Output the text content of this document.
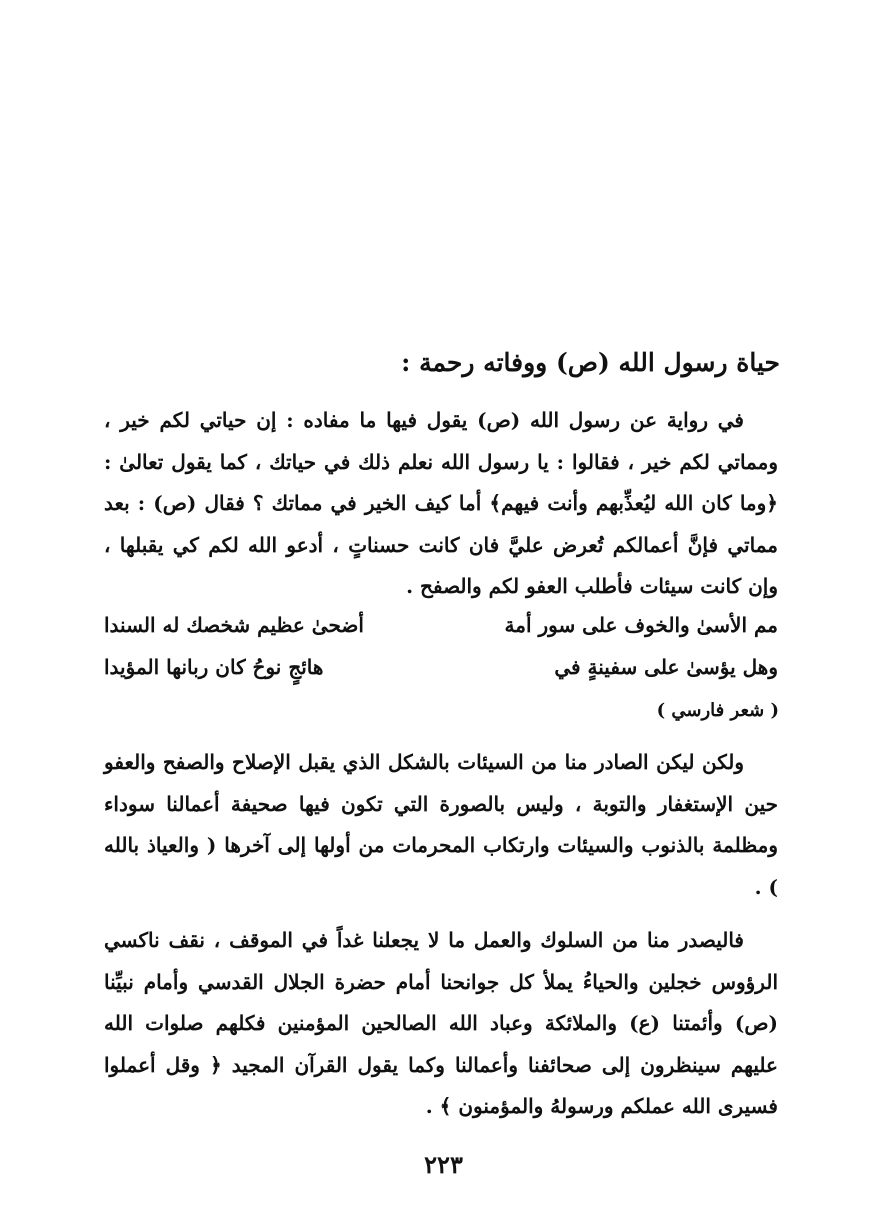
حياة رسول الله (ص) ووفاته رحمة :

في رواية عن رسول الله (ص) يقول فيها ما مفاده : إن حياتي لكم خير ، ومماتي لكم خير ، فقالوا : يا رسول الله نعلم ذلك في حياتك ، كما يقول تعالىٰ : ﴿وما كان الله ليُعذِّبهم وأنت فيهم﴾ أما كيف الخير في مماتك ؟ فقال (ص) : بعد مماتي فإنَّ أعمالكم تُعرض عليَّ فان كانت حسناتٍ ، أدعو الله لكم كي يقبلها ، وإن كانت سيئات فأطلب العفو لكم والصفح .

مم الأسىٰ والخوف على سور أمة
أضحىٰ عظيم شخصك له السندا
وهل يؤسىٰ على سفينةٍ في
هائجٍ نوحُ كان ربانها المؤيدا
( شعر فارسي )

ولكن ليكن الصادر منا من السيئات بالشكل الذي يقبل الإصلاح والصفح والعفو حين الإستغفار والتوبة ، وليس بالصورة التي تكون فيها صحيفة أعمالنا سوداء ومظلمة بالذنوب والسيئات وارتكاب المحرمات من أولها إلى آخرها ( والعياذ بالله ) .

فاليصدر منا من السلوك والعمل ما لا يجعلنا غداً في الموقف ، نقف ناكسي الرؤوس خجلين والحياءُ يملأ كل جوانحنا أمام حضرة الجلال القدسي وأمام نبيِّنا (ص) وأئمتنا (ع) والملائكة وعباد الله الصالحين المؤمنين فكلهم صلوات الله عليهم سينظرون إلى صحائفنا وأعمالنا وكما يقول القرآن المجيد ﴿ وقل أعملوا فسيرى الله عملكم ورسولهُ والمؤمنون ﴾ .

٢٢٣
